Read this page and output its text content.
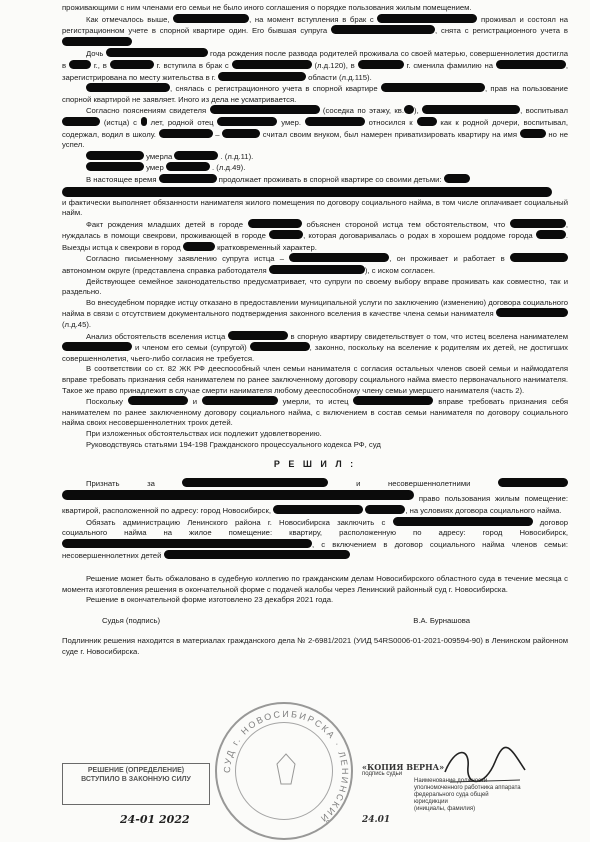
проживающими с ним членами его семьи не было иного соглашения о порядке пользования жилым помещением.

Как отмечалось выше,	, на момент вступления в брак с	проживал и состоял на регистрационном учете в спорной квартире один. Его бывшая супруга	, снята с регистрационного учета в

Дочь	года рождения после развода родителей проживала со своей матерью, совершеннолетия достигла в	г., в	г. вступила в брак с	(л.д.120), в	г. сменила фамилию на	, зарегистрирована по месту жительства в г.	области (л.д.115).

, снялась с регистрационного учета в спорной квартире	, прав на пользование спорной квартирой не заявляет. Иного из дела не усматривается.

Согласно пояснениям свидетеля	(соседка по этажу, кв. ),	, воспитывал  (истца) с лет, родной отец	умер.	относился к	как к родной дочери, воспитывал, содержал, водил в школу.	–	считал своим внуком, был намерен приватизировать квартиру на имя	но не успел.

умерла	. (л.д.11).

умер	. (л.д.49).

В настоящее время	продолжает проживать в спорной квартире со своими детьми:
и фактически выполняет обязанности нанимателя жилого помещения по договору социального найма, в том числе оплачивает социальный найм.

Факт рождения младших детей в городе	объяснен стороной истца тем обстоятельством, что	, нуждалась в помощи свекрови, проживающей в городе	, которая договаривалась о родах в хорошем роддоме города	. Выезды истца к свекрови в город	кратковременный характер.

Согласно письменному заявлению супруга истца –	, он проживает и работает в  автономном округе (представлена справка работодателя	), с иском согласен.

Действующее семейное законодательство предусматривает, что супруги по своему выбору вправе проживать как совместно, так и раздельно.

Во внесудебном порядке истцу отказано в предоставлении муниципальной услуги по заключению (изменению) договора социального найма в связи с отсутствием документального подтверждения законного вселения в качестве члена семьи нанимателя  (л.д.45).

Анализ обстоятельств вселения истца	в спорную квартиру свидетельствует о том, что истец вселена нанимателем  и членом его семьи (супругой)	, законно, поскольку на вселение к родителям их детей, не достигших совершеннолетия, чьего-либо согласия не требуется.

В соответствии со ст. 82 ЖК РФ дееспособный член семьи нанимателя с согласия остальных членов своей семьи и наймодателя вправе требовать признания себя нанимателем по ранее заключенному договору социального найма вместо первоначального нанимателя. Такое же право принадлежит в случае смерти нанимателя любому дееспособному члену семьи умершего нанимателя (часть 2).

Поскольку	и	умерли, то истец	вправе требовать признания себя нанимателем по ранее заключенному договору социального найма, с включением в состав семьи нанимателя по договору социального найма своих несовершеннолетних троих детей.

При изложенных обстоятельствах иск подлежит удовлетворению.

Руководствуясь статьями 194-198 Гражданского процессуального кодекса РФ, суд

Р Е Ш И Л :

Признать за	и несовершеннолетними  право пользования жилым помещение: квартирой, расположенной по адресу: город Новосибирск,	, на условиях договора социального найма.

Обязать администрацию Ленинского района г. Новосибирска заключить с	договор социального найма на жилое помещение: квартиру, расположенную по адресу: город Новосибирск, , с включением в договор социального найма членов семьи: несовершеннолетних детей

Решение может быть обжаловано в судебную коллегию по гражданским делам Новосибирского областного суда в течение месяца с момента изготовления решения в окончательной форме с подачей жалобы через Ленинский районный суд г. Новосибирска.

Решение в окончательной форме изготовлено 23 декабря 2021 года.

Судья (подпись)	В.А. Бурнашова

Подлинник решения находится в материалах гражданского дела № 2-6981/2021 (УИД 54RS0006-01-2021-009594-90) в Ленинском районном суде г. Новосибирска.

РЕШЕНИЕ (ОПРЕДЕЛЕНИЕ)
ВСТУПИЛО В ЗАКОННУЮ СИЛУ
24-01 2022
СУД г. НОВОСИБИРСКА · ЛЕНИНСКИЙ
«КОПИЯ ВЕРНА»
подпись судьи
Наименование должности уполномоченного работника аппарата федерального суда общей юрисдикции
(инициалы, фамилия)
24.01
